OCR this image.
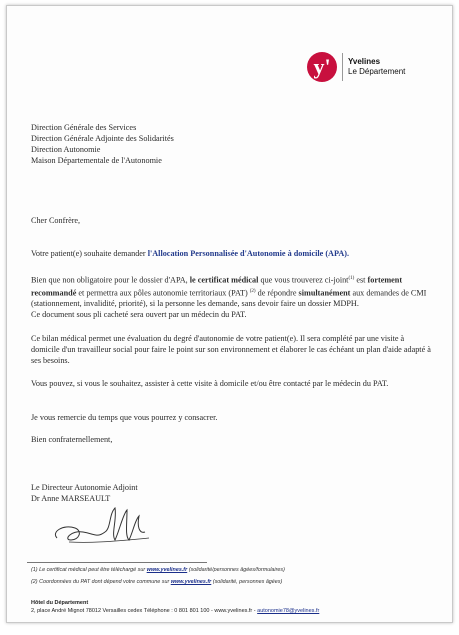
y' Yvelines
Le Département
Direction Générale des Services
Direction Générale Adjointe des Solidarités
Direction Autonomie
Maison Départementale de l'Autonomie
Cher Confrère,
Votre patient(e) souhaite demander l'Allocation Personnalisée d'Autonomie à domicile (APA).
Bien que non obligatoire pour le dossier d'APA, le certificat médical que vous trouverez ci-joint$^{(1)}$ est fortement recommandé et permettra aux pôles autonomie territoriaux (PAT) $^{(2)}$ de répondre simultanément aux demandes de CMI (stationnement, invalidité, priorité), si la personne les demande, sans devoir faire un dossier MDPH.
Ce document sous pli cacheté sera ouvert par un médecin du PAT.
Ce bilan médical permet une évaluation du degré d'autonomie de votre patient(e). Il sera complété par une visite à domicile d'un travailleur social pour faire le point sur son environnement et élaborer le cas échéant un plan d'aide adapté à ses besoins.
Vous pouvez, si vous le souhaitez, assister à cette visite à domicile et/ou être contacté par le médecin du PAT.
Je vous remercie du temps que vous pourrez y consacrer.
Bien confraternellement,
Le Directeur Autonomie Adjoint
Dr Anne MARSEAULT
(1) Le certificat médical peut être téléchargé sur www.yvelines.fr (solidarité/personnes âgées/formulaires)
(2) Coordonnées du PAT dont dépend votre commune sur www.yvelines.fr (solidarité, personnes âgées)
Hôtel du Département
2, place André Mignot 78012 Versailles cedex Téléphone : 0 801 801 100 - www.yvelines.fr - autonomie78@yvelines.fr
